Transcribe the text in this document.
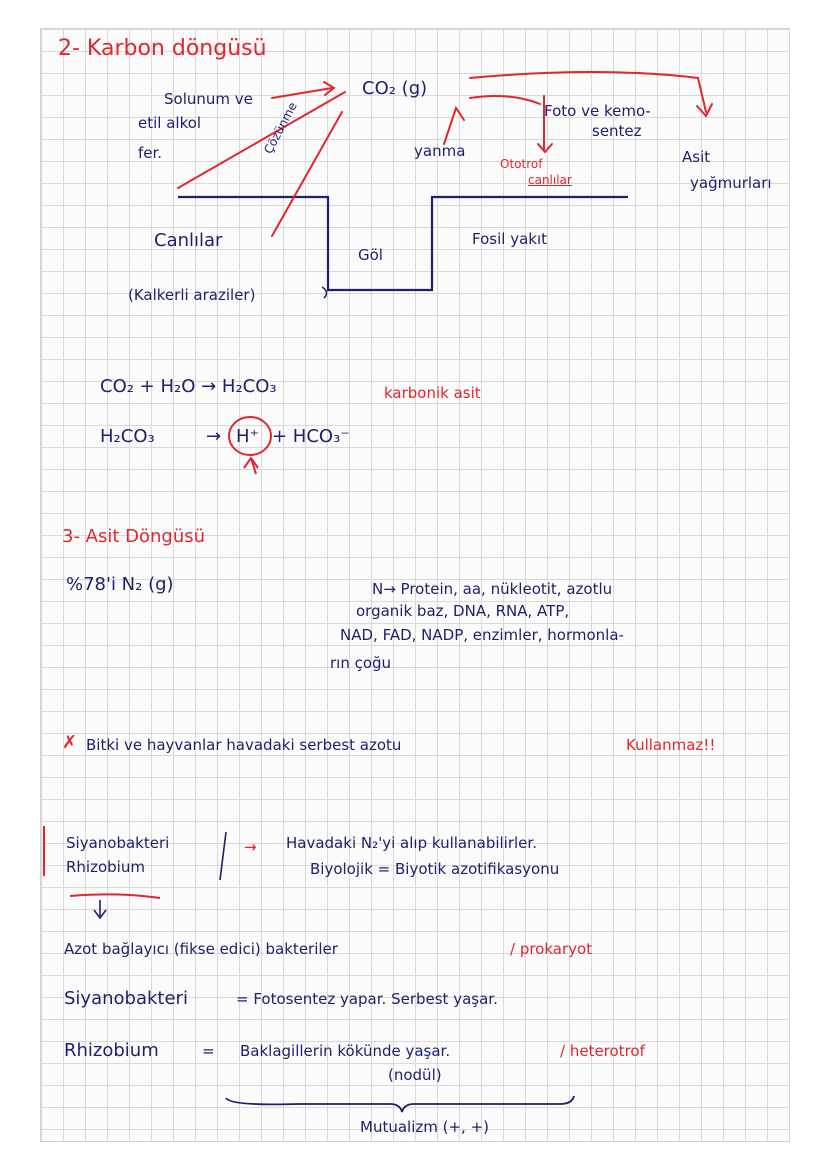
2- Karbon döngüsü
Solunum ve
etil alkol
fer.
CO₂ (g)
Çözünme	yanma
Foto ve kemo-
sentez
Ototrof
canlılar
Asit
yağmurları
Canlılar
Göl
Fosil yakıt
(Kalkerli araziler)
CO₂ + H₂O → H₂CO₃	karbonik asit
H₂CO₃	→ H⁺ + HCO₃⁻
3- Asit Döngüsü
%78'i N₂ (g)	N→ Protein, aa, nükleotit, azotlu
organik baz, DNA, RNA, ATP,
NAD, FAD, NADP, enzimler, hormonla-
rın çoğu
✗ Bitki ve hayvanlar havadaki serbest azotu	Kullanmaz!!
Siyanobakteri
Rhizobium
→ Havadaki N₂'yi alıp kullanabilirler.
Biyolojik = Biyotik azotifikasyonu
Azot bağlayıcı (fikse edici) bakteriler	/ prokaryot
Siyanobakteri	= Fotosentez yapar. Serbest yaşar.
Rhizobium	= Baklagillerin kökünde yaşar.	/ heterotrof
(nodül)
Mutualizm (+, +)
